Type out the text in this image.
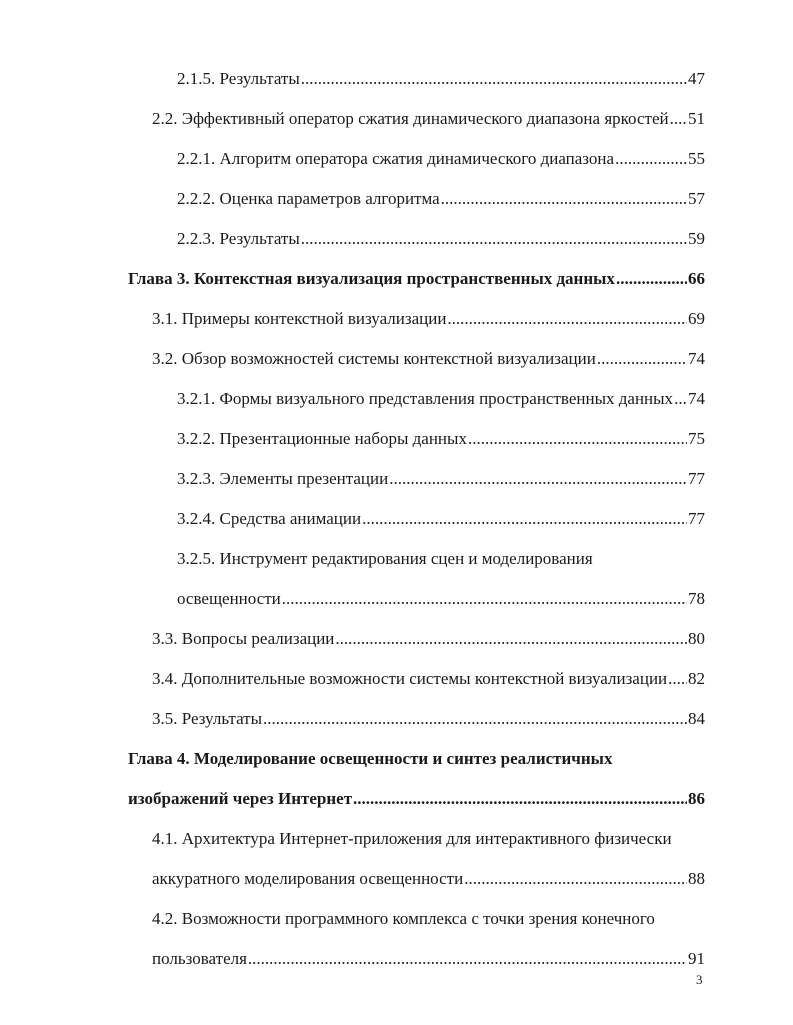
2.1.5. Результаты .....	47
2.2. Эффективный оператор сжатия динамического диапазона яркостей ..... 51
2.2.1. Алгоритм оператора сжатия динамического диапазона .....	55
2.2.2. Оценка параметров алгоритма .....	57
2.2.3. Результаты .....	59
Глава 3. Контекстная визуализация пространственных данных .....	66
3.1. Примеры контекстной визуализации .....	69
3.2. Обзор возможностей системы контекстной визуализации .....	74
3.2.1. Формы визуального представления пространственных данных ..... 74
3.2.2. Презентационные наборы данных .....	75
3.2.3. Элементы презентации .....	77
3.2.4. Средства анимации .....	77
3.2.5. Инструмент редактирования сцен и моделирования
освещенности .....	78
3.3. Вопросы реализации .....	80
3.4. Дополнительные возможности системы контекстной визуализации ..... 82
3.5. Результаты .....	84
Глава 4. Моделирование освещенности и синтез реалистичных
изображений через Интернет .....	86
4.1. Архитектура Интернет-приложения для интерактивного физически
аккуратного моделирования освещенности .....	88
4.2. Возможности программного комплекса с точки зрения конечного
пользователя .....	91
3
